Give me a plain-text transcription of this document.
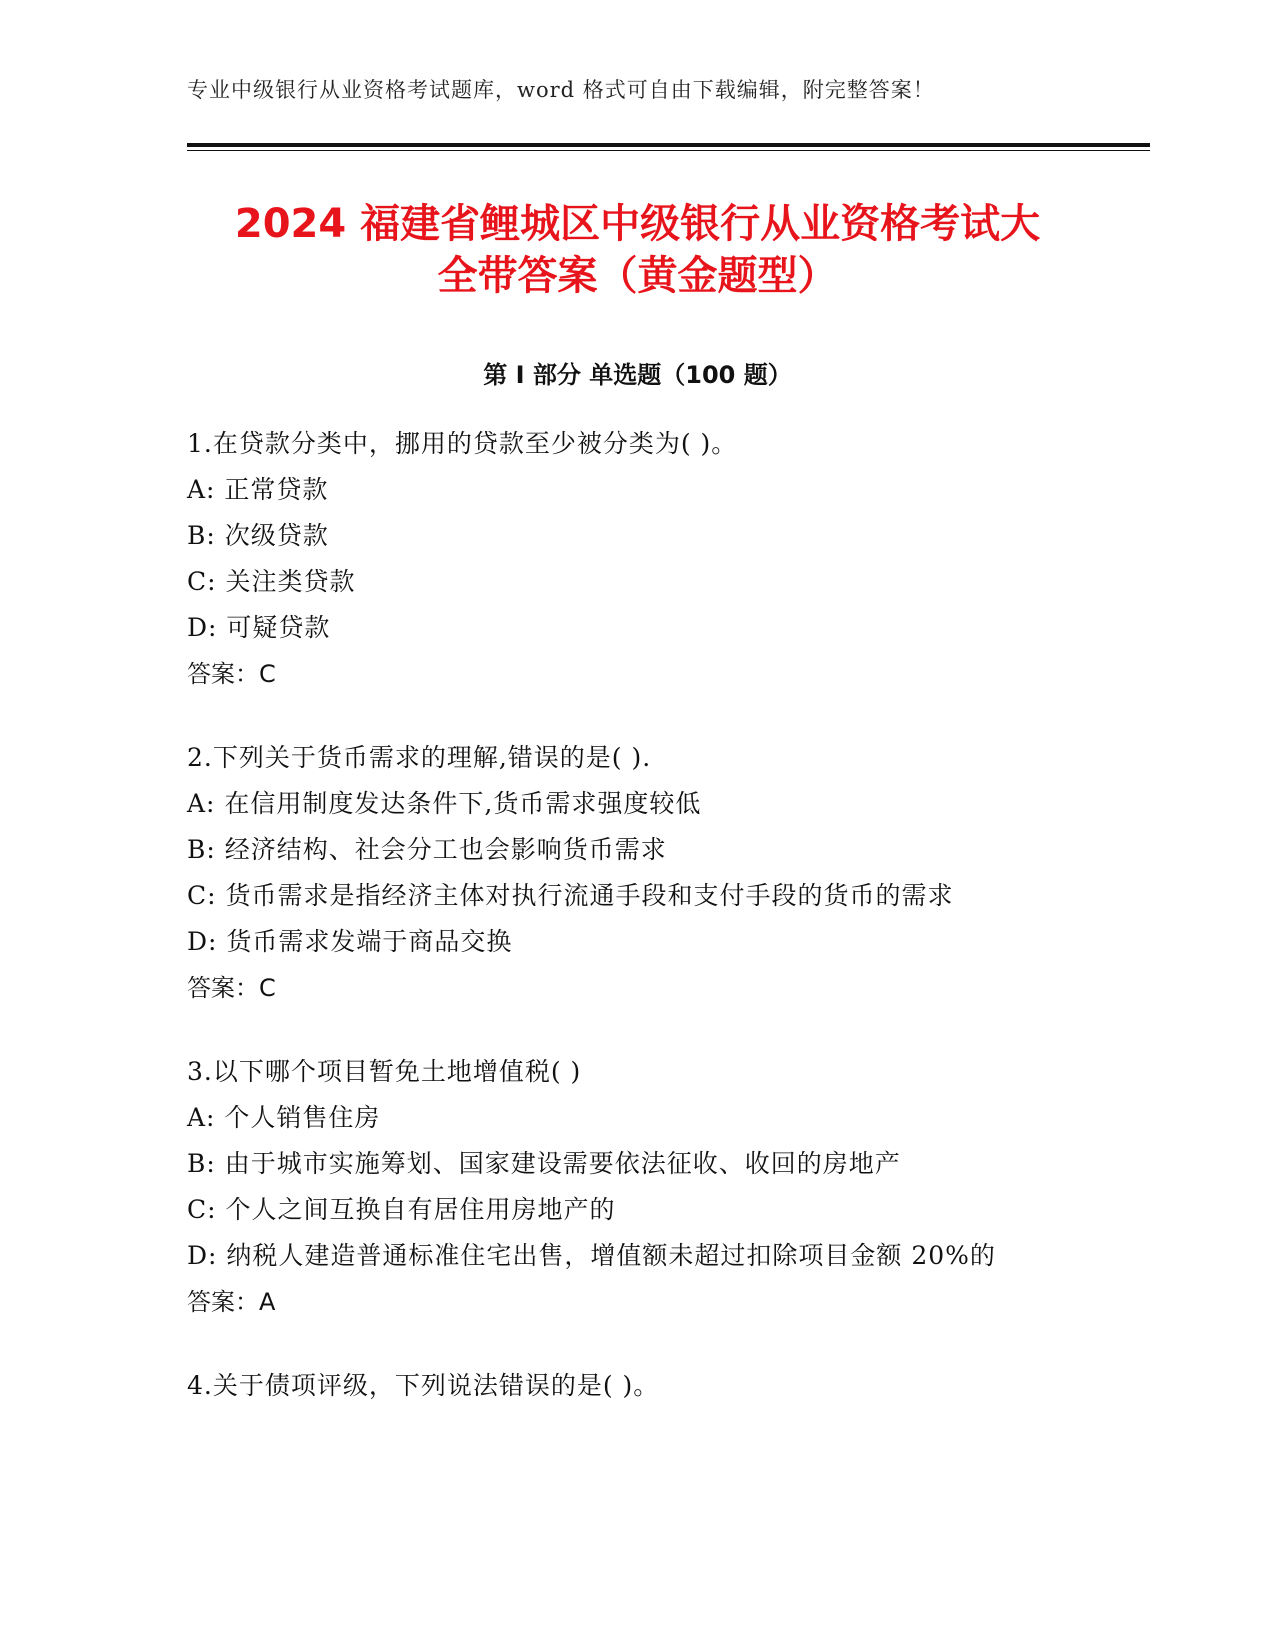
专业中级银行从业资格考试题库，word 格式可自由下载编辑，附完整答案！
2024 福建省鲤城区中级银行从业资格考试大
全带答案（黄金题型）
第 I 部分 单选题（100 题）
1.在贷款分类中，挪用的贷款至少被分类为( )。
A: 正常贷款
B: 次级贷款
C: 关注类贷款
D: 可疑贷款
答案：C
2.下列关于货币需求的理解,错误的是( ).
A: 在信用制度发达条件下,货币需求强度较低
B: 经济结构、社会分工也会影响货币需求
C: 货币需求是指经济主体对执行流通手段和支付手段的货币的需求
D: 货币需求发端于商品交换
答案：C
3.以下哪个项目暂免土地增值税( )
A: 个人销售住房
B: 由于城市实施筹划、国家建设需要依法征收、收回的房地产
C: 个人之间互换自有居住用房地产的
D: 纳税人建造普通标准住宅出售，增值额未超过扣除项目金额 20%的
答案：A
4.关于债项评级，下列说法错误的是( )。
